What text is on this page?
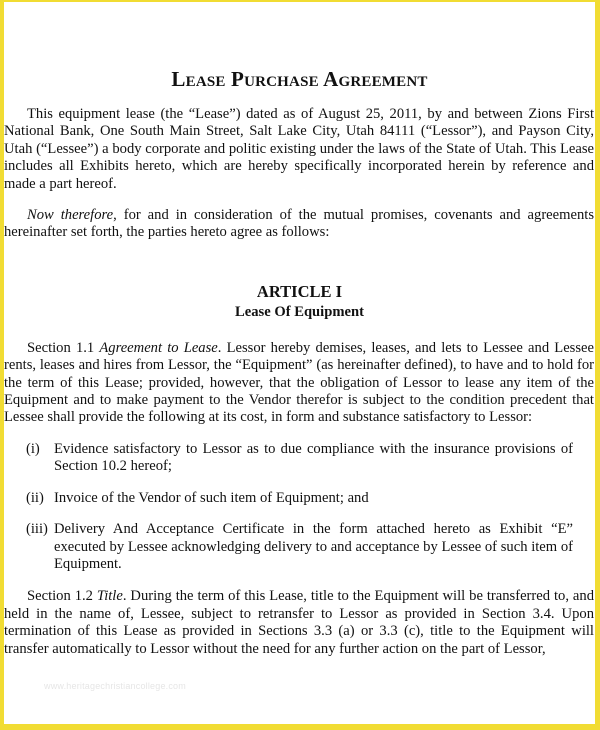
Lease Purchase Agreement

This equipment lease (the “Lease”) dated as of August 25, 2011, by and between Zions First National Bank, One South Main Street, Salt Lake City, Utah 84111 (“Lessor”), and Payson City, Utah (“Lessee”) a body corporate and politic existing under the laws of the State of Utah. This Lease includes all Exhibits hereto, which are hereby specifically incorporated herein by reference and made a part hereof.

Now therefore, for and in consideration of the mutual promises, covenants and agreements hereinafter set forth, the parties hereto agree as follows:

ARTICLE I
Lease Of Equipment

Section 1.1 Agreement to Lease. Lessor hereby demises, leases, and lets to Lessee and Lessee rents, leases and hires from Lessor, the “Equipment” (as hereinafter defined), to have and to hold for the term of this Lease; provided, however, that the obligation of Lessor to lease any item of the Equipment and to make payment to the Vendor therefor is subject to the condition precedent that Lessee shall provide the following at its cost, in form and substance satisfactory to Lessor:

(i) Evidence satisfactory to Lessor as to due compliance with the insurance provisions of Section 10.2 hereof;
(ii) Invoice of the Vendor of such item of Equipment; and
(iii) Delivery And Acceptance Certificate in the form attached hereto as Exhibit “E” executed by Lessee acknowledging delivery to and acceptance by Lessee of such item of Equipment.

Section 1.2 Title. During the term of this Lease, title to the Equipment will be transferred to, and held in the name of, Lessee, subject to retransfer to Lessor as provided in Section 3.4. Upon termination of this Lease as provided in Sections 3.3 (a) or 3.3 (c), title to the Equipment will transfer automatically to Lessor without the need for any further action on the part of Lessor,

www.heritagechristiancollege.com
